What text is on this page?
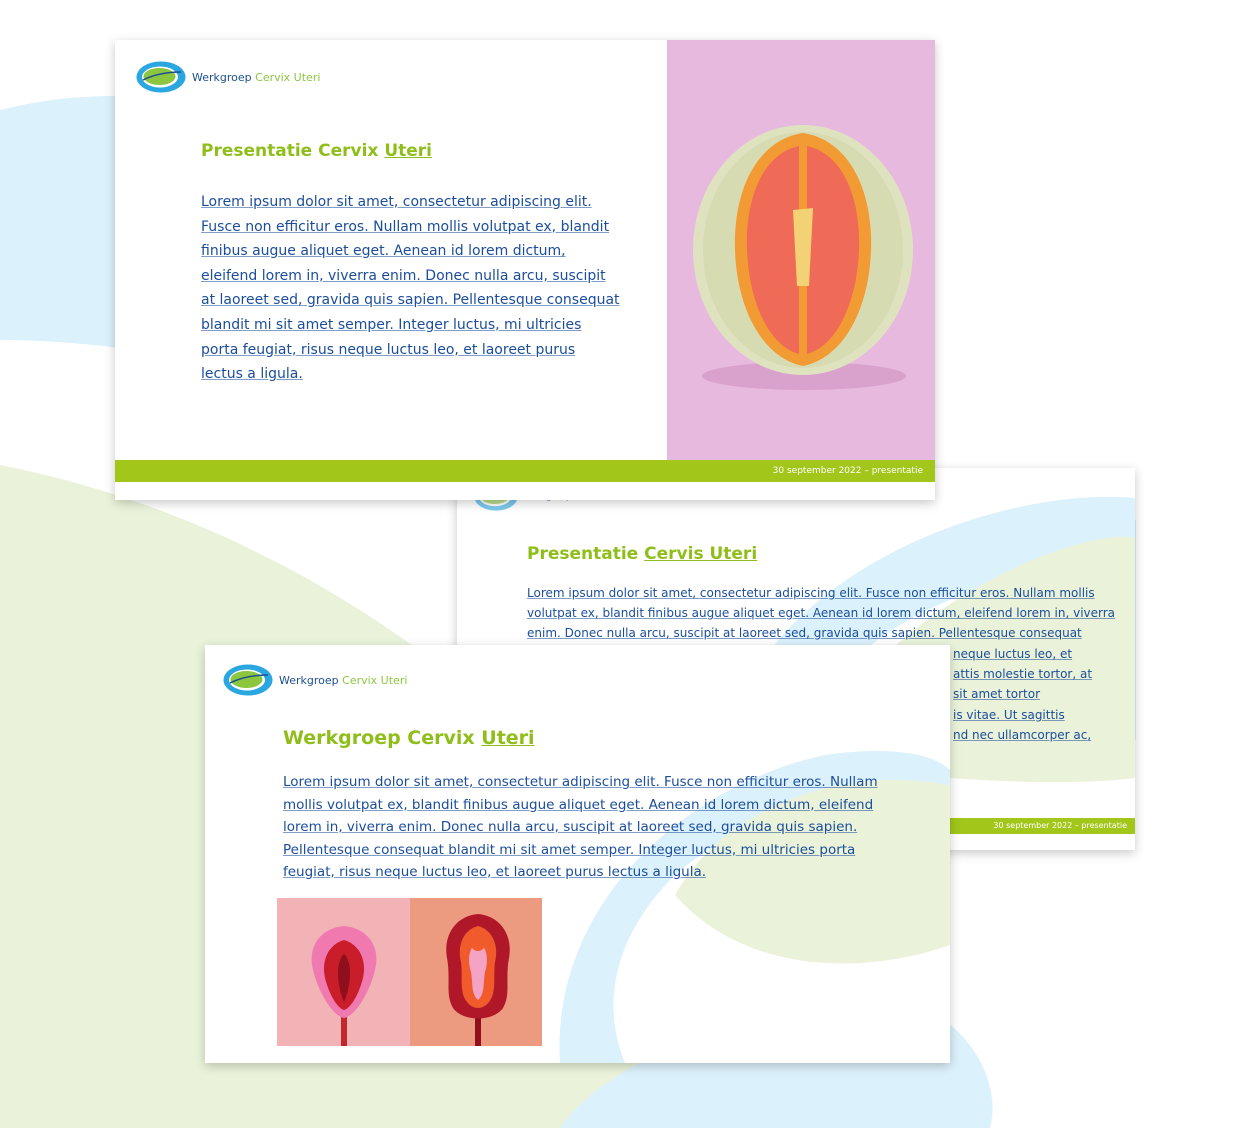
Presentatie Cervis Uteri
Lorem ipsum dolor sit amet, consectetur adipiscing elit. Fusce non efficitur eros. Nullam mollis
volutpat ex, blandit finibus augue aliquet eget. Aenean id lorem dictum, eleifend lorem in, viverra
enim. Donec nulla arcu, suscipit at laoreet sed, gravida quis sapien. Pellentesque consequat
neque luctus leo, et
attis molestie tortor, at
sit amet tortor
is vitae. Ut sagittis
nd nec ullamcorper ac,
30 september 2022 – presentatie
Werkgroep Cervix Uteri
Presentatie Cervix Uteri
Lorem ipsum dolor sit amet, consectetur adipiscing elit. Fusce non efficitur eros. Nullam mollis volutpat ex, blandit finibus augue aliquet eget. Aenean id lorem dictum, eleifend lorem in, viverra enim. Donec nulla arcu, suscipit at laoreet sed, gravida quis sapien. Pellentesque consequat blandit mi sit amet semper. Integer luctus, mi ultricies porta feugiat, risus neque luctus leo, et laoreet purus lectus a ligula.
30 september 2022 – presentatie
Werkgroep Cervix Uteri
Werkgroep Cervix Uteri
Lorem ipsum dolor sit amet, consectetur adipiscing elit. Fusce non efficitur eros. Nullam mollis volutpat ex, blandit finibus augue aliquet eget. Aenean id lorem dictum, eleifend lorem in, viverra enim. Donec nulla arcu, suscipit at laoreet sed, gravida quis sapien. Pellentesque consequat blandit mi sit amet semper. Integer luctus, mi ultricies porta feugiat, risus neque luctus leo, et laoreet purus lectus a ligula.
